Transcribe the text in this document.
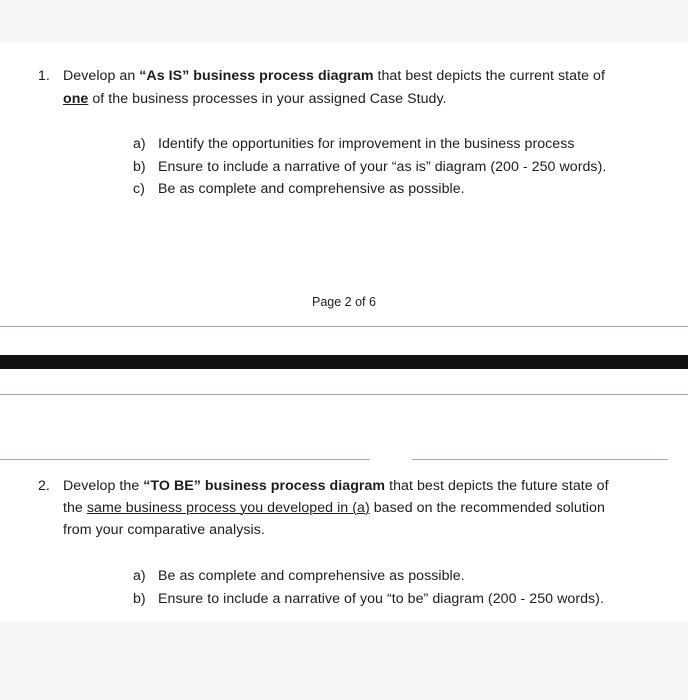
1. Develop an “As IS” business process diagram that best depicts the current state of
one of the business processes in your assigned Case Study.
a) Identify the opportunities for improvement in the business process
b) Ensure to include a narrative of your “as is” diagram (200 - 250 words).
c) Be as complete and comprehensive as possible.
Page 2 of 6
2. Develop the “TO BE” business process diagram that best depicts the future state of
the same business process you developed in (a) based on the recommended solution
from your comparative analysis.
a) Be as complete and comprehensive as possible.
b) Ensure to include a narrative of you “to be” diagram (200 - 250 words).
